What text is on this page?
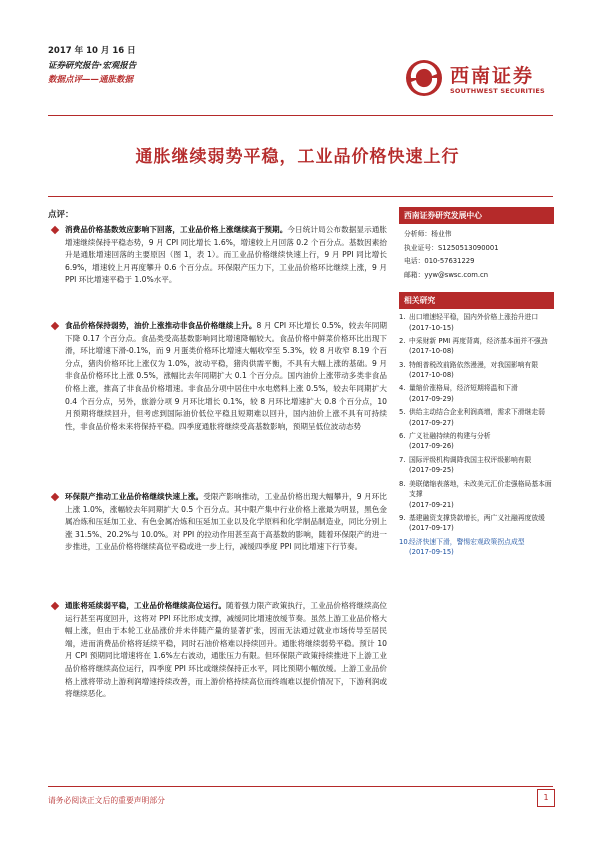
2017 年 10 月 16 日
证券研究报告·宏观报告
数据点评——通胀数据	西南证券
SOUTHWEST SECURITIES
通胀继续弱势平稳，工业品价格快速上行
点评：
消费品价格基数效应影响下回落，工业品价格上涨继续高于预期。今日统计局公布数据显示通胀增速继续保持平稳态势，9 月 CPI 同比增长 1.6%，增速较上月回落 0.2 个百分点。基数因素抬升是通胀增速回落的主要原因（图 1，表 1）。而工业品价格继续快速上行，9 月 PPI 同比增长 6.9%，增速较上月再度攀升 0.6 个百分点。环保限产压力下，工业品价格环比继续上涨，9 月 PPI 环比增速平稳于 1.0%水平。
食品价格保持弱势，油价上涨推动非食品价格继续上升。8 月 CPI 环比增长 0.5%，较去年同期下降 0.17 个百分点。食品类受高基数影响同比增速降幅较大。食品价格中鲜菜价格环比出现下滑，环比增速下滑-0.1%，而 9 月蛋类价格环比增速大幅收窄至 5.3%，较 8 月收窄 8.19 个百分点，猪肉价格环比上涨仅为 1.0%，波动平稳，猪肉供需平衡，不具有大幅上涨的基础。9 月非食品价格环比上涨 0.5%，涨幅比去年同期扩大 0.1 个百分点。国内油价上涨带动多类非食品价格上涨，推高了非食品价格增速。非食品分项中居住中水电燃料上涨 0.5%，较去年同期扩大 0.4 个百分点，另外，旅游分项 9 月环比增长 0.1%，较 8 月环比增速扩大 0.8 个百分点，10 月预期将继续回升，但考虑到国际油价低位平稳且短期难以回升，国内油价上涨不具有可持续性，非食品价格未来将保持平稳。四季度通胀将继续受高基数影响，预期呈低位波动态势
环保限产推动工业品价格继续快速上涨。受限产影响推动，工业品价格出现大幅攀升，9 月环比上涨 1.0%，涨幅较去年同期扩大 0.5 个百分点。其中限产集中行业价格上涨最为明显，黑色金属冶炼和压延加工业、有色金属冶炼和压延加工业以及化学原料和化学制品制造业，同比分别上涨 31.5%、20.2%与 10.0%。对 PPI 的拉动作用甚至高于高基数的影响，随着环保限产的进一步推进，工业品价格将继续高位平稳或进一步上行，减缓四季度 PPI 同比增速下行节奏。
通胀将延续弱平稳，工业品价格继续高位运行。随着强力限产政策执行，工业品价格将继续高位运行甚至再度回升，这将对 PPI 环比形成支撑，减缓同比增速放缓节奏。虽然上游工业品价格大幅上涨，但由于本轮工业品涨价并未伴随产量的显著扩张，因而无法通过就业市场传导至居民端，进而消费品价格将延续平稳，同时石油价格难以持续回升。通胀将继续弱势平稳。预计 10 月 CPI 预期同比增速将在 1.6%左右波动，通胀压力有限。但环保限产政策持续推进下上游工业品价格将继续高位运行，四季度 PPI 环比或继续保持正水平，同比预期小幅放缓。上游工业品价格上涨将带动上游利润增速持续改善，而上游价格持续高位而终端难以提价情况下，下游利润或将继续恶化。
西南证券研究发展中心
分析师：杨业伟
执业证号：S1250513090001
电话：010-57631229
邮箱：yyw@swsc.com.cn
相关研究
1. 出口增速轻平稳，国内外价格上涨抬升进口
(2017-10-15)
2. 中采财新 PMI 再度背离，经济基本面并不强劲
(2017-10-08)
3. 特朗普税改前路依然漫漫，对我国影响有限
(2017-10-08)
4. 量缩价涨格局，经济短期将温和下滑
(2017-09-29)
5. 供给主动结合企业利润高增，需求下滑继走弱
(2017-09-27)
6. 广义社融持续的构建与分析
(2017-09-26)
7. 国际评级机构调降我国主权评级影响有限
(2017-09-25)
8. 美联储缩表落地，未改美元汇价走强格局基本面支撑
(2017-09-21)
9. 基建融资支撑贷款增长，两广义社融再度放缓
(2017-09-17)
10. 经济快速下滑，警惕宏观政策拐点成型
(2017-09-15)
请务必阅读正文后的重要声明部分	1
